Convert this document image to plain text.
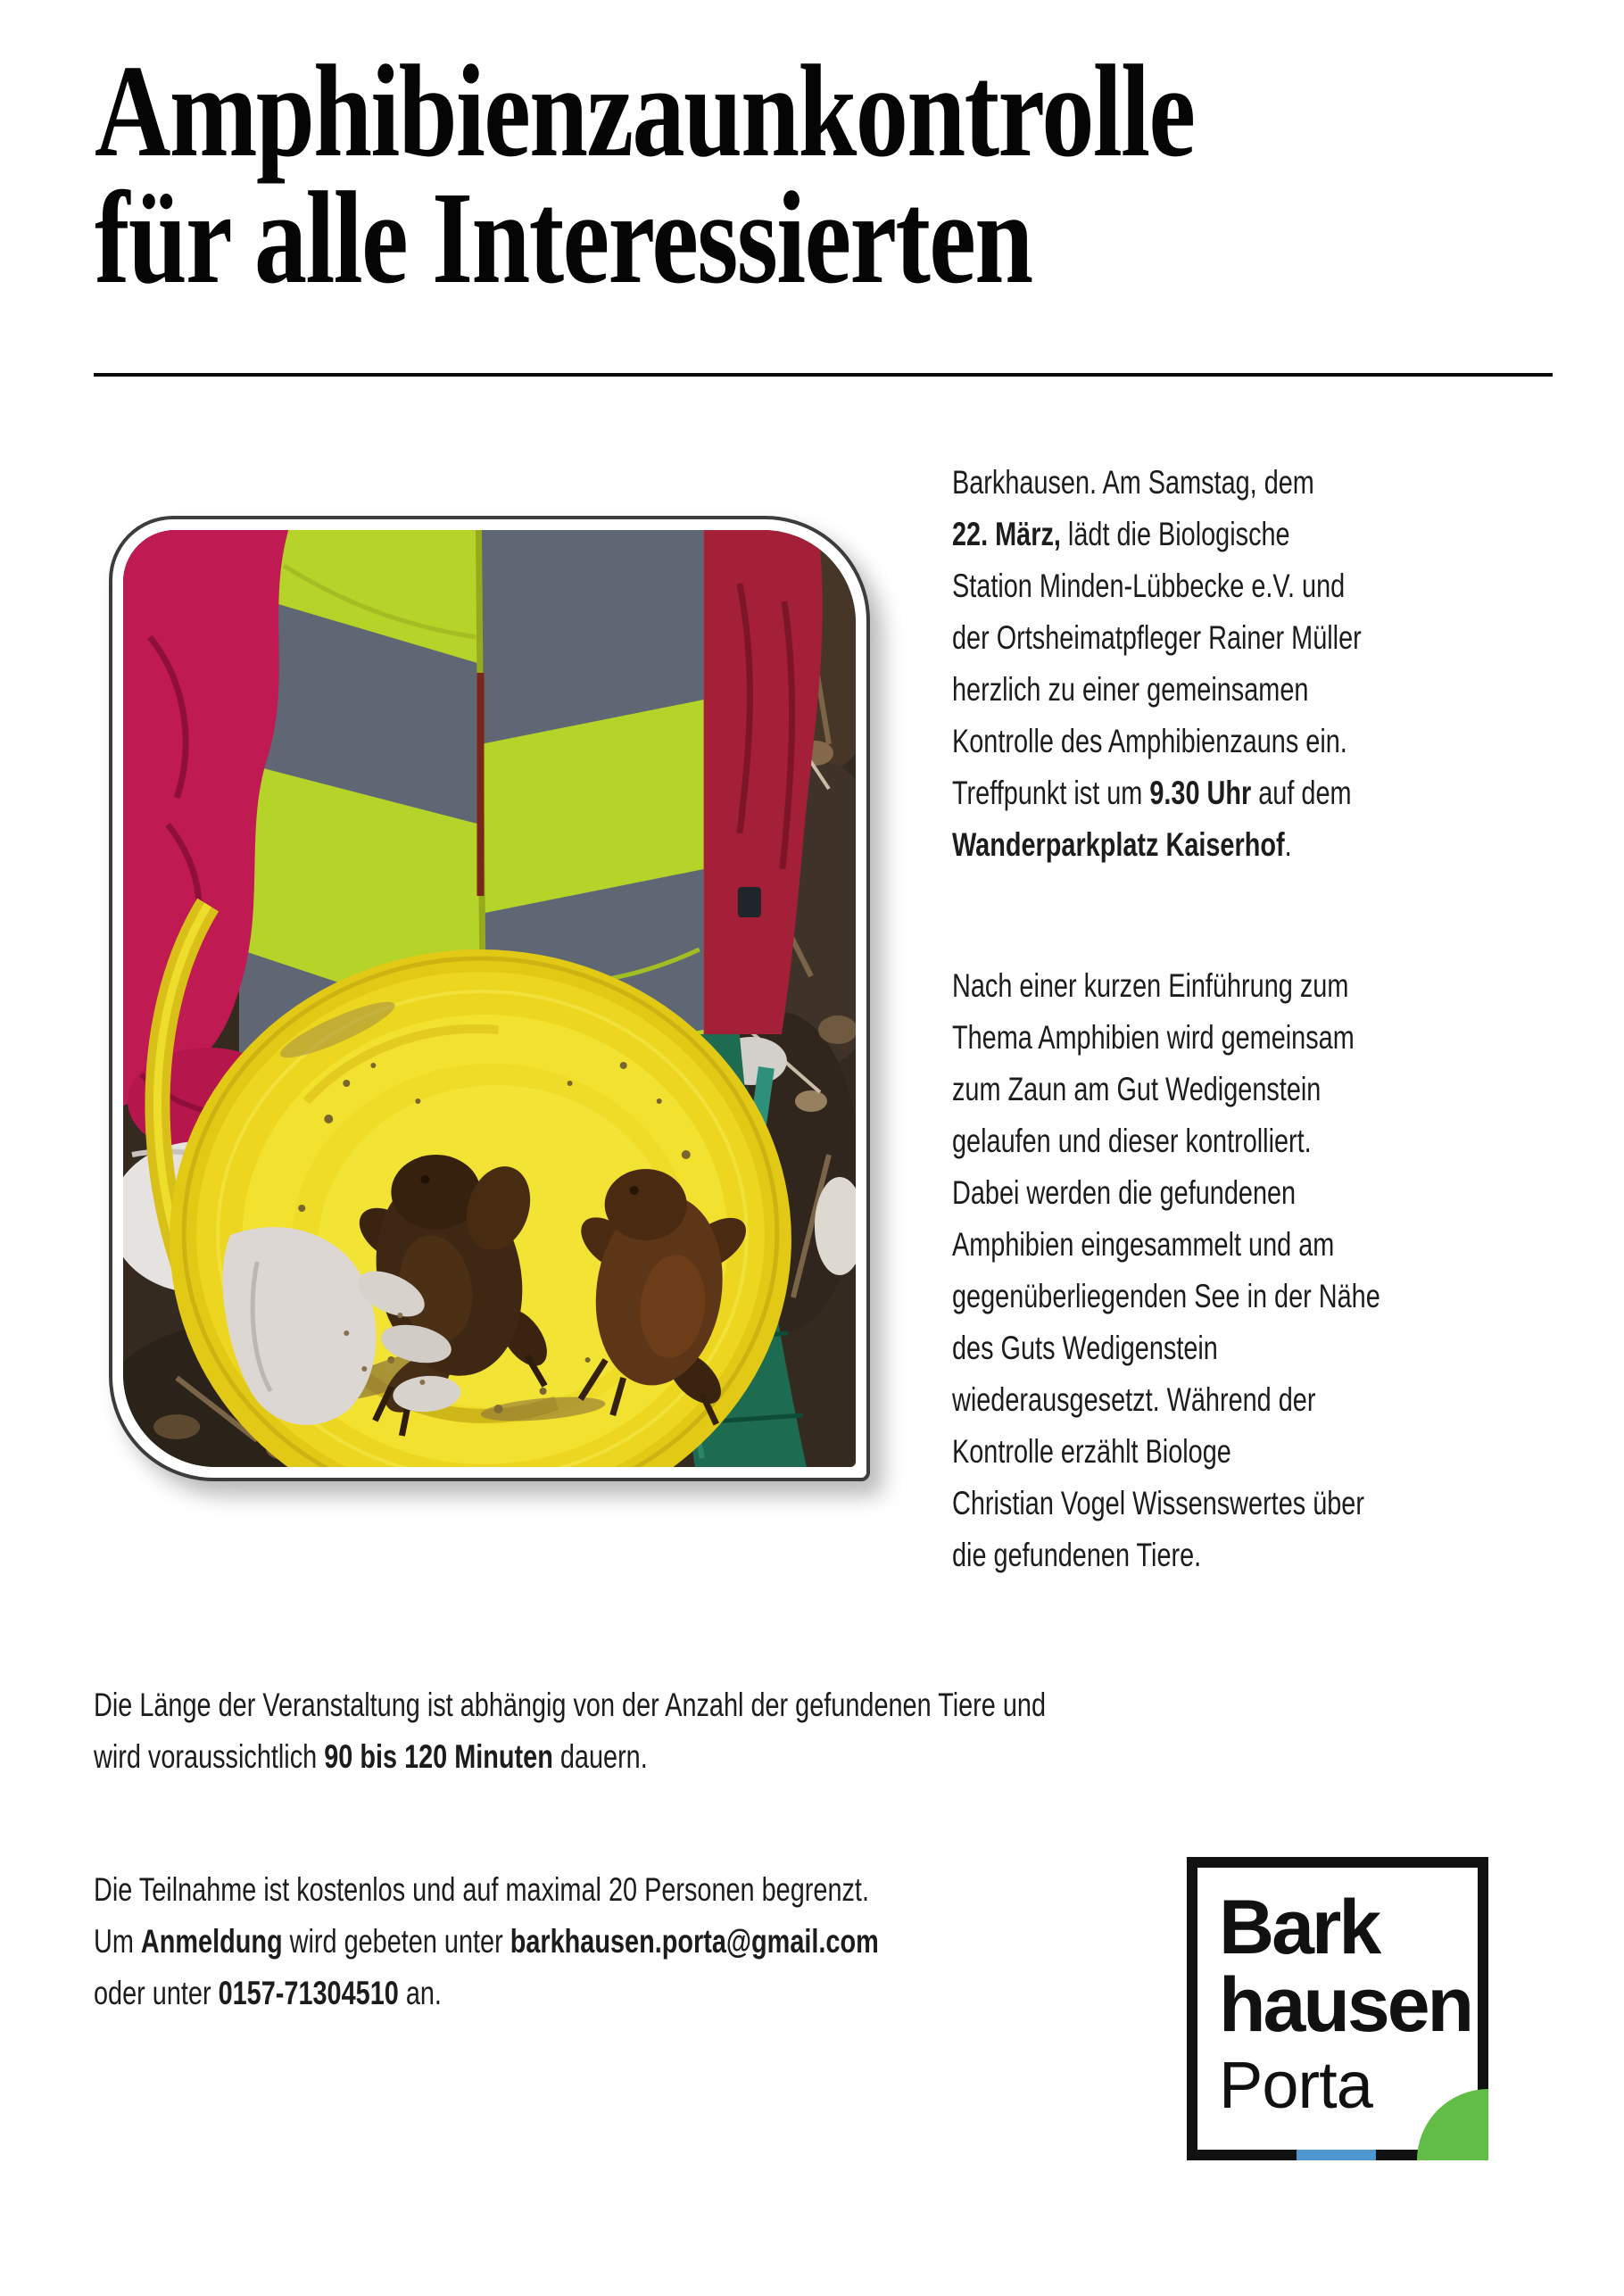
Amphibienzaunkontrolle
für alle Interessierten
Barkhausen. Am Samstag, dem
22. März, lädt die Biologische
Station Minden-Lübbecke e.V. und
der Ortsheimatpfleger Rainer Müller
herzlich zu einer gemeinsamen
Kontrolle des Amphibienzauns ein.
Treffpunkt ist um 9.30 Uhr auf dem
Wanderparkplatz Kaiserhof.
Nach einer kurzen Einführung zum
Thema Amphibien wird gemeinsam
zum Zaun am Gut Wedigenstein
gelaufen und dieser kontrolliert.
Dabei werden die gefundenen
Amphibien eingesammelt und am
gegenüberliegenden See in der Nähe
des Guts Wedigenstein
wiederausgesetzt. Während der
Kontrolle erzählt Biologe
Christian Vogel Wissenswertes über
die gefundenen Tiere.
Die Länge der Veranstaltung ist abhängig von der Anzahl der gefundenen Tiere und
wird voraussichtlich 90 bis 120 Minuten dauern.
Die Teilnahme ist kostenlos und auf maximal 20 Personen begrenzt.
Um Anmeldung wird gebeten unter barkhausen.porta@gmail.com
oder unter 0157-71304510 an.
Bark
hausen
Porta
